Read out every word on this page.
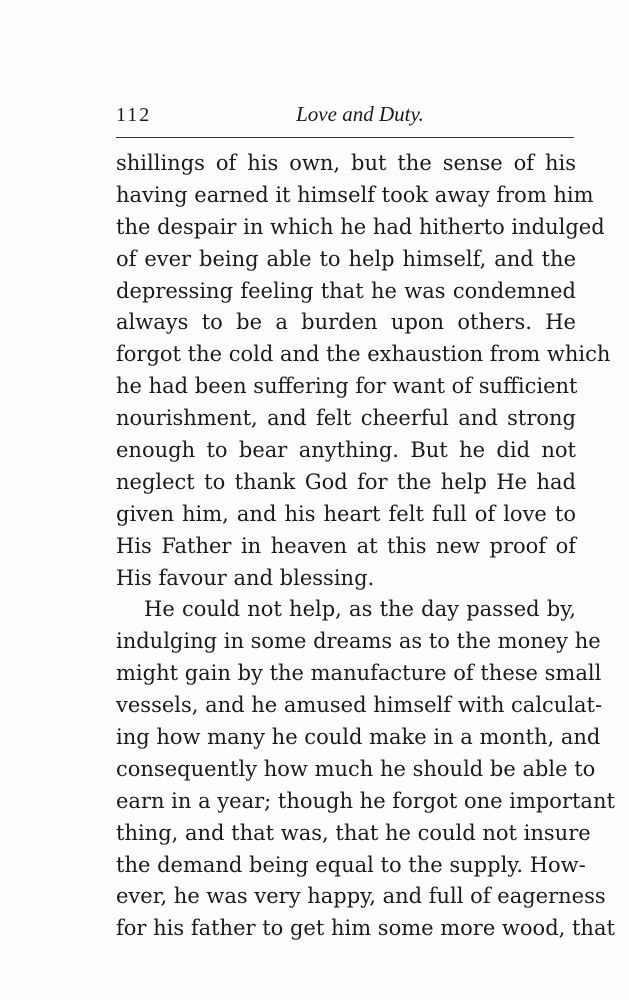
112	Love and Duty.
shillings of his own, but the sense of his
having earned it himself took away from him
the despair in which he had hitherto indulged
of ever being able to help himself, and the
depressing feeling that he was condemned
always to be a burden upon others. He
forgot the cold and the exhaustion from which
he had been suffering for want of sufficient
nourishment, and felt cheerful and strong
enough to bear anything. But he did not
neglect to thank God for the help He had
given him, and his heart felt full of love to
His Father in heaven at this new proof of
His favour and blessing.
He could not help, as the day passed by,
indulging in some dreams as to the money he
might gain by the manufacture of these small
vessels, and he amused himself with calculat-
ing how many he could make in a month, and
consequently how much he should be able to
earn in a year; though he forgot one important
thing, and that was, that he could not insure
the demand being equal to the supply. How-
ever, he was very happy, and full of eagerness
for his father to get him some more wood, that
